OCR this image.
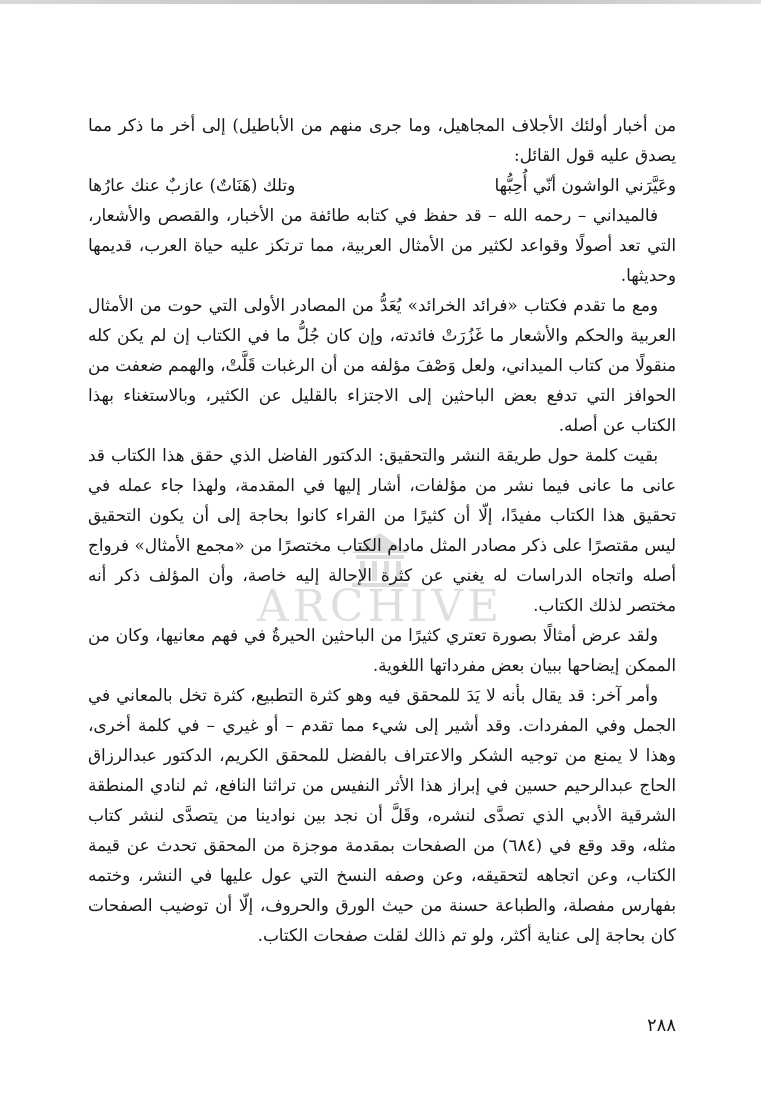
من أخبار أولئك الأجلاف المجاهيل، وما جرى منهم من الأباطيل) إلى أخر ما ذكر مما يصدق عليه قول القائل:

وعَيَّرَني الواشون أنّي أُحِبُّها
وتلك (هَنَاتٌ) عازبٌ عنك عارُها

فالميداني – رحمه الله – قد حفظ في كتابه طائفة من الأخبار، والقصص والأشعار، التي تعد أصولًا وقواعد لكثير من الأمثال العربية، مما ترتكز عليه حياة العرب، قديمها وحديثها.

ومع ما تقدم فكتاب «فرائد الخرائد» يُعَدُّ من المصادر الأولى التي حوت من الأمثال العربية والحكم والأشعار ما غَزُرَتْ فائدته، وإن كان جُلُّ ما في الكتاب إن لم يكن كله منقولًا من كتاب الميداني، ولعل وَصْفَ مؤلفه من أن الرغبات قَلَّتْ، والهمم ضعفت من الحوافز التي تدفع بعض الباحثين إلى الاجتزاء بالقليل عن الكثير، وبالاستغناء بهذا الكتاب عن أصله.

بقيت كلمة حول طريقة النشر والتحقيق: الدكتور الفاضل الذي حقق هذا الكتاب قد عانى ما عانى فيما نشر من مؤلفات، أشار إليها في المقدمة، ولهذا جاء عمله في تحقيق هذا الكتاب مفيدًا، إلّا أن كثيرًا من القراء كانوا بحاجة إلى أن يكون التحقيق ليس مقتصرًا على ذكر مصادر المثل مادام الكتاب مختصرًا من «مجمع الأمثال» فرواج أصله واتجاه الدراسات له يغني عن كثرة الإحالة إليه خاصة، وأن المؤلف ذكر أنه مختصر لذلك الكتاب.

ولقد عرض أمثالًا بصورة تعتري كثيرًا من الباحثين الحيرةُ في فهم معانيها، وكان من الممكن إيضاحها ببيان بعض مفرداتها اللغوية.

وأمر آخر: قد يقال بأنه لا يَدَ للمحقق فيه وهو كثرة التطبيع، كثرة تخل بالمعاني في الجمل وفي المفردات. وقد أشير إلى شيء مما تقدم – أو غيري – في كلمة أخرى، وهذا لا يمنع من توجيه الشكر والاعتراف بالفضل للمحقق الكريم، الدكتور عبدالرزاق الحاج عبدالرحيم حسين في إبراز هذا الأثر النفيس من تراثنا النافع، ثم لنادي المنطقة الشرقية الأدبي الذي تصدَّى لنشره، وقَلَّ أن نجد بين نوادينا من يتصدَّى لنشر كتاب مثله، وقد وقع في (٦٨٤) من الصفحات بمقدمة موجزة من المحقق تحدث عن قيمة الكتاب، وعن اتجاهه لتحقيقه، وعن وصفه النسخ التي عول عليها في النشر، وختمه بفهارس مفصلة، والطباعة حسنة من حيث الورق والحروف، إلّا أن توضيب الصفحات كان بحاجة إلى عناية أكثر، ولو تم ذالك لقلت صفحات الكتاب.

ARCHIVE
٢٨٨
